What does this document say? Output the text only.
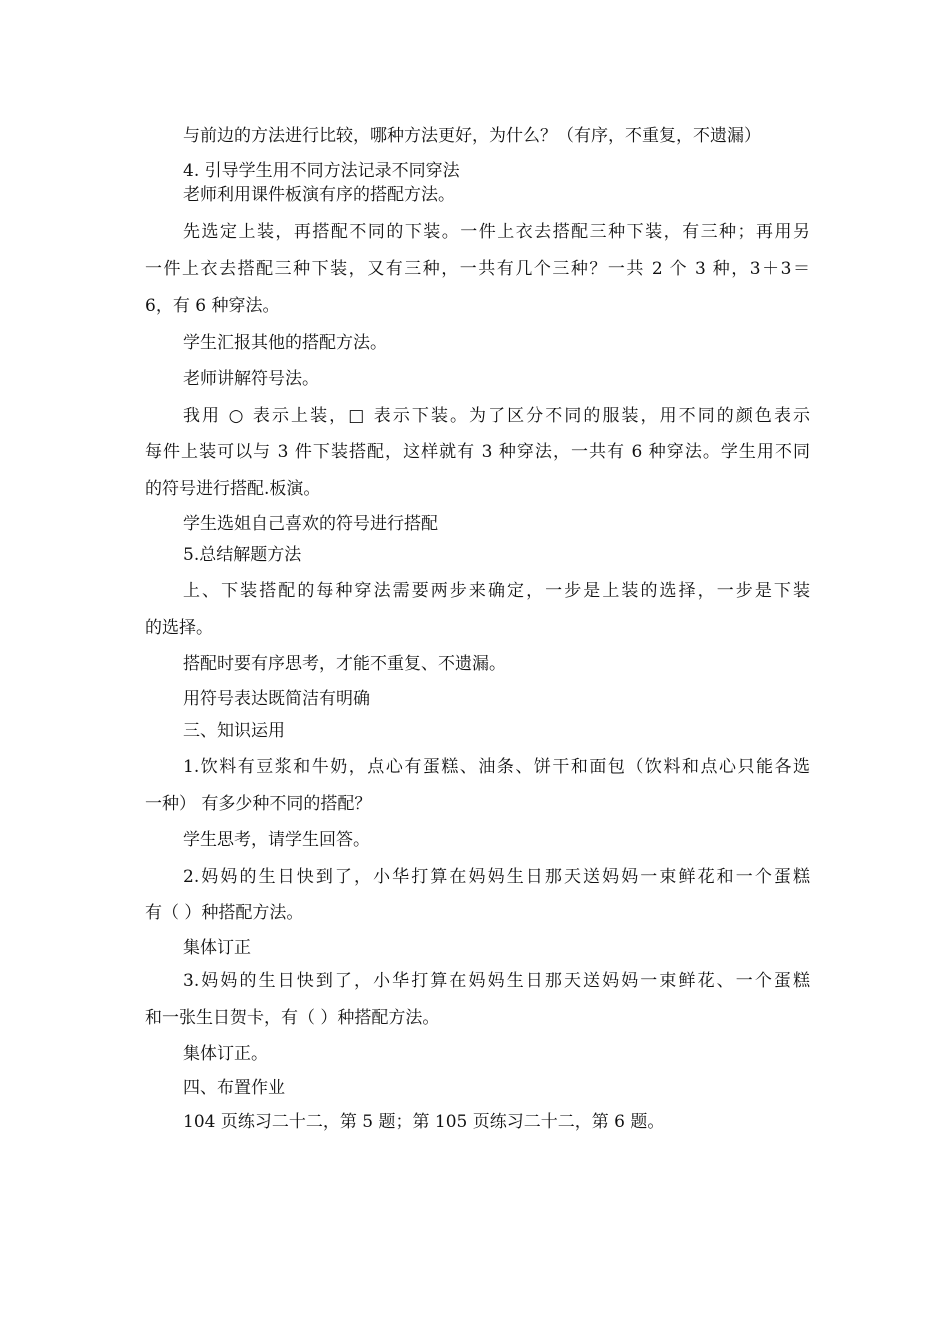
与前边的方法进行比较，哪种方法更好，为什么？（有序，不重复，不遗漏）
4. 引导学生用不同方法记录不同穿法
老师利用课件板演有序的搭配方法。
先选定上装，再搭配不同的下装。一件上衣去搭配三种下装，有三种；再用另
一件上衣去搭配三种下装，又有三种，一共有几个三种？一共 2 个 3 种，3＋3＝
6，有 6 种穿法。
学生汇报其他的搭配方法。
老师讲解符号法。
我用 ○ 表示上装，□ 表示下装。为了区分不同的服装，用不同的颜色表示
每件上装可以与 3 件下装搭配，这样就有 3 种穿法，一共有 6 种穿法。学生用不同
的符号进行搭配.板演。
学生选姐自己喜欢的符号进行搭配
5.总结解题方法
上、下装搭配的每种穿法需要两步来确定，一步是上装的选择，一步是下装
的选择。
搭配时要有序思考，才能不重复、不遗漏。
用符号表达既简洁有明确
三、知识运用
1.饮料有豆浆和牛奶，点心有蛋糕、油条、饼干和面包（饮料和点心只能各选
一种） 有多少种不同的搭配？
学生思考，请学生回答。
2.妈妈的生日快到了，小华打算在妈妈生日那天送妈妈一束鲜花和一个蛋糕
有（ ）种搭配方法。
集体订正
3.妈妈的生日快到了，小华打算在妈妈生日那天送妈妈一束鲜花、一个蛋糕
和一张生日贺卡，有（ ）种搭配方法。
集体订正。
四、布置作业
104 页练习二十二，第 5 题；第 105 页练习二十二，第 6 题。
